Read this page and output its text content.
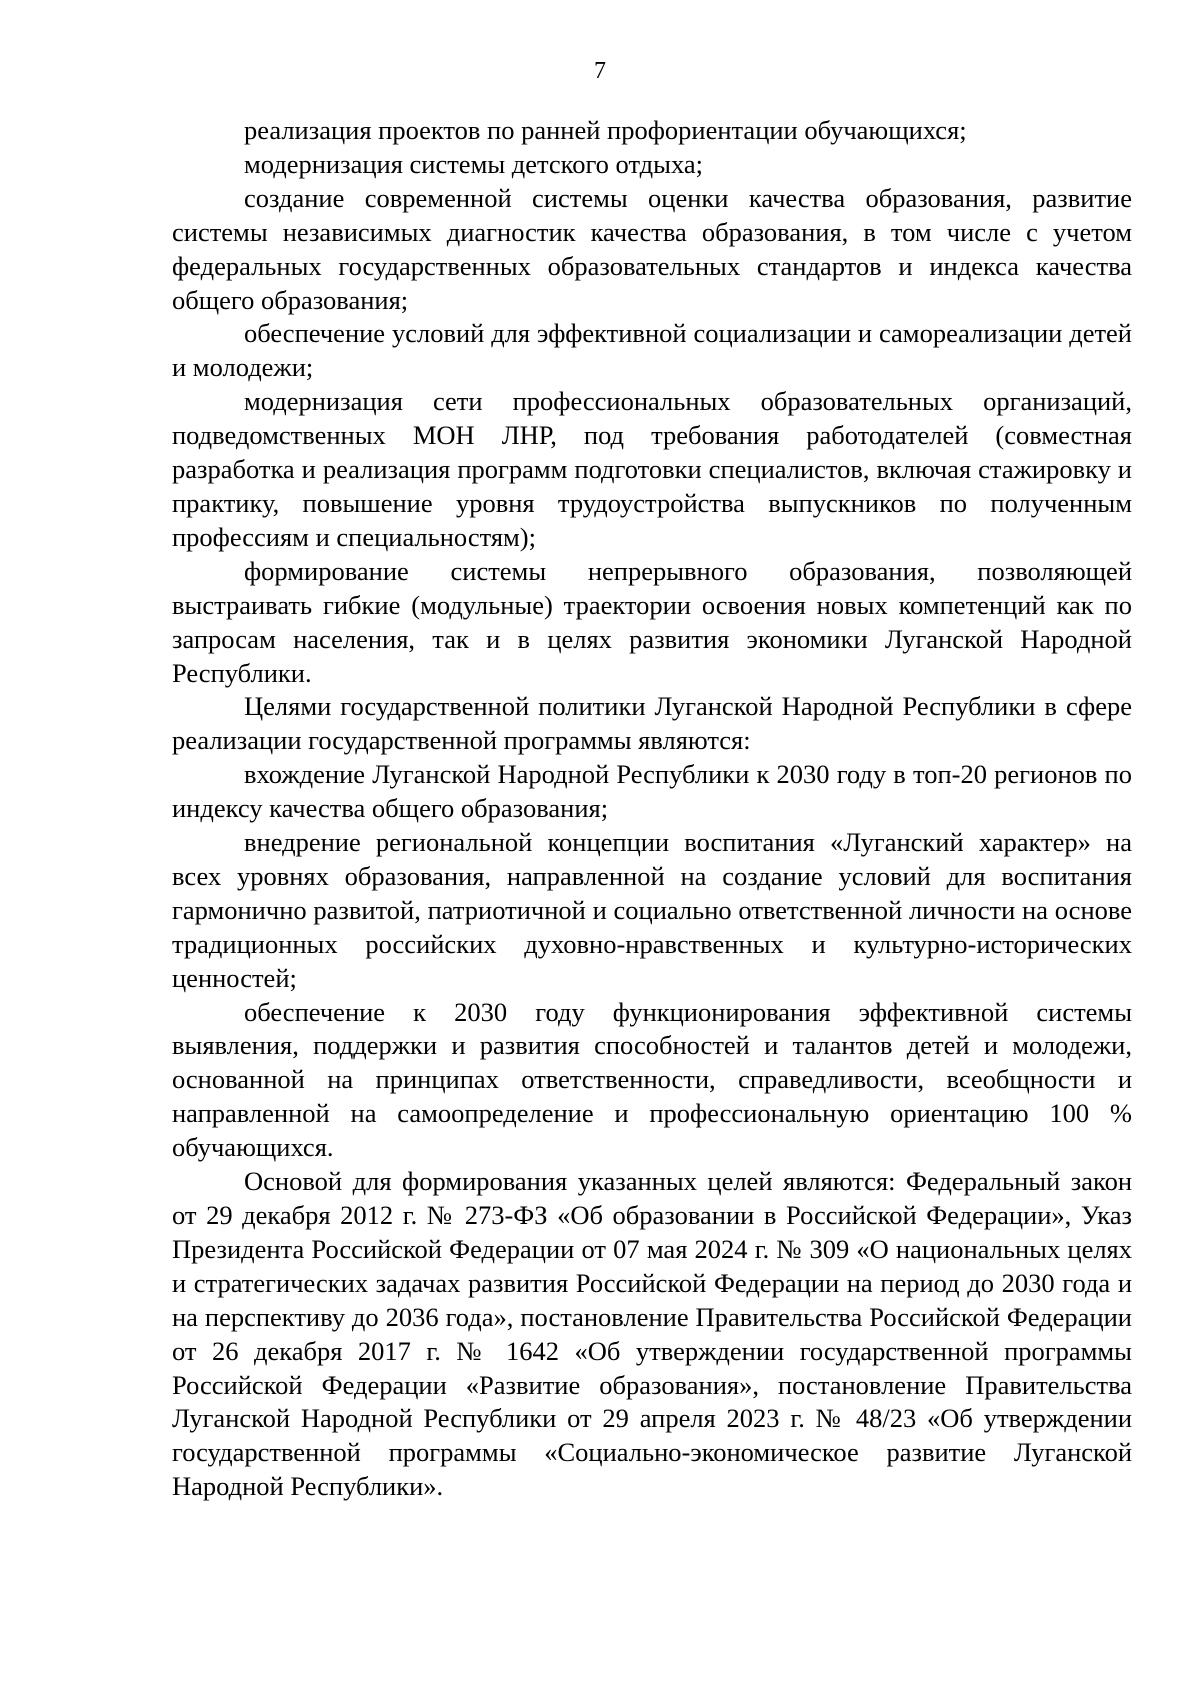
7

реализация проектов по ранней профориентации обучающихся;

модернизация системы детского отдыха;

создание современной системы оценки качества образования, развитие системы независимых диагностик качества образования, в том числе с учетом федеральных государственных образовательных стандартов и индекса качества общего образования;

обеспечение условий для эффективной социализации и самореализации детей и молодежи;

модернизация сети профессиональных образовательных организаций, подведомственных МОН ЛНР, под требования работодателей (совместная разработка и реализация программ подготовки специалистов, включая стажировку и практику, повышение уровня трудоустройства выпускников по полученным профессиям и специальностям);

формирование системы непрерывного образования, позволяющей выстраивать гибкие (модульные) траектории освоения новых компетенций как по запросам населения, так и в целях развития экономики Луганской Народной Республики.

Целями государственной политики Луганской Народной Республики в сфере реализации государственной программы являются:

вхождение Луганской Народной Республики к 2030 году в топ-20 регионов по индексу качества общего образования;

внедрение региональной концепции воспитания «Луганский характер» на всех уровнях образования, направленной на создание условий для воспитания гармонично развитой, патриотичной и социально ответственной личности на основе традиционных российских духовно-нравственных и культурно-исторических ценностей;

обеспечение к 2030 году функционирования эффективной системы выявления, поддержки и развития способностей и талантов детей и молодежи, основанной на принципах ответственности, справедливости, всеобщности и направленной на самоопределение и профессиональную ориентацию 100 % обучающихся.

Основой для формирования указанных целей являются: Федеральный закон от 29 декабря 2012 г. № 273-ФЗ «Об образовании в Российской Федерации», Указ Президента Российской Федерации от 07 мая 2024 г. № 309 «О национальных целях и стратегических задачах развития Российской Федерации на период до 2030 года и на перспективу до 2036 года», постановление Правительства Российской Федерации от 26 декабря 2017 г. № 1642 «Об утверждении государственной программы Российской Федерации «Развитие образования», постановление Правительства Луганской Народной Республики от 29 апреля 2023 г. № 48/23 «Об утверждении государственной программы «Социально-экономическое развитие Луганской Народной Республики».
